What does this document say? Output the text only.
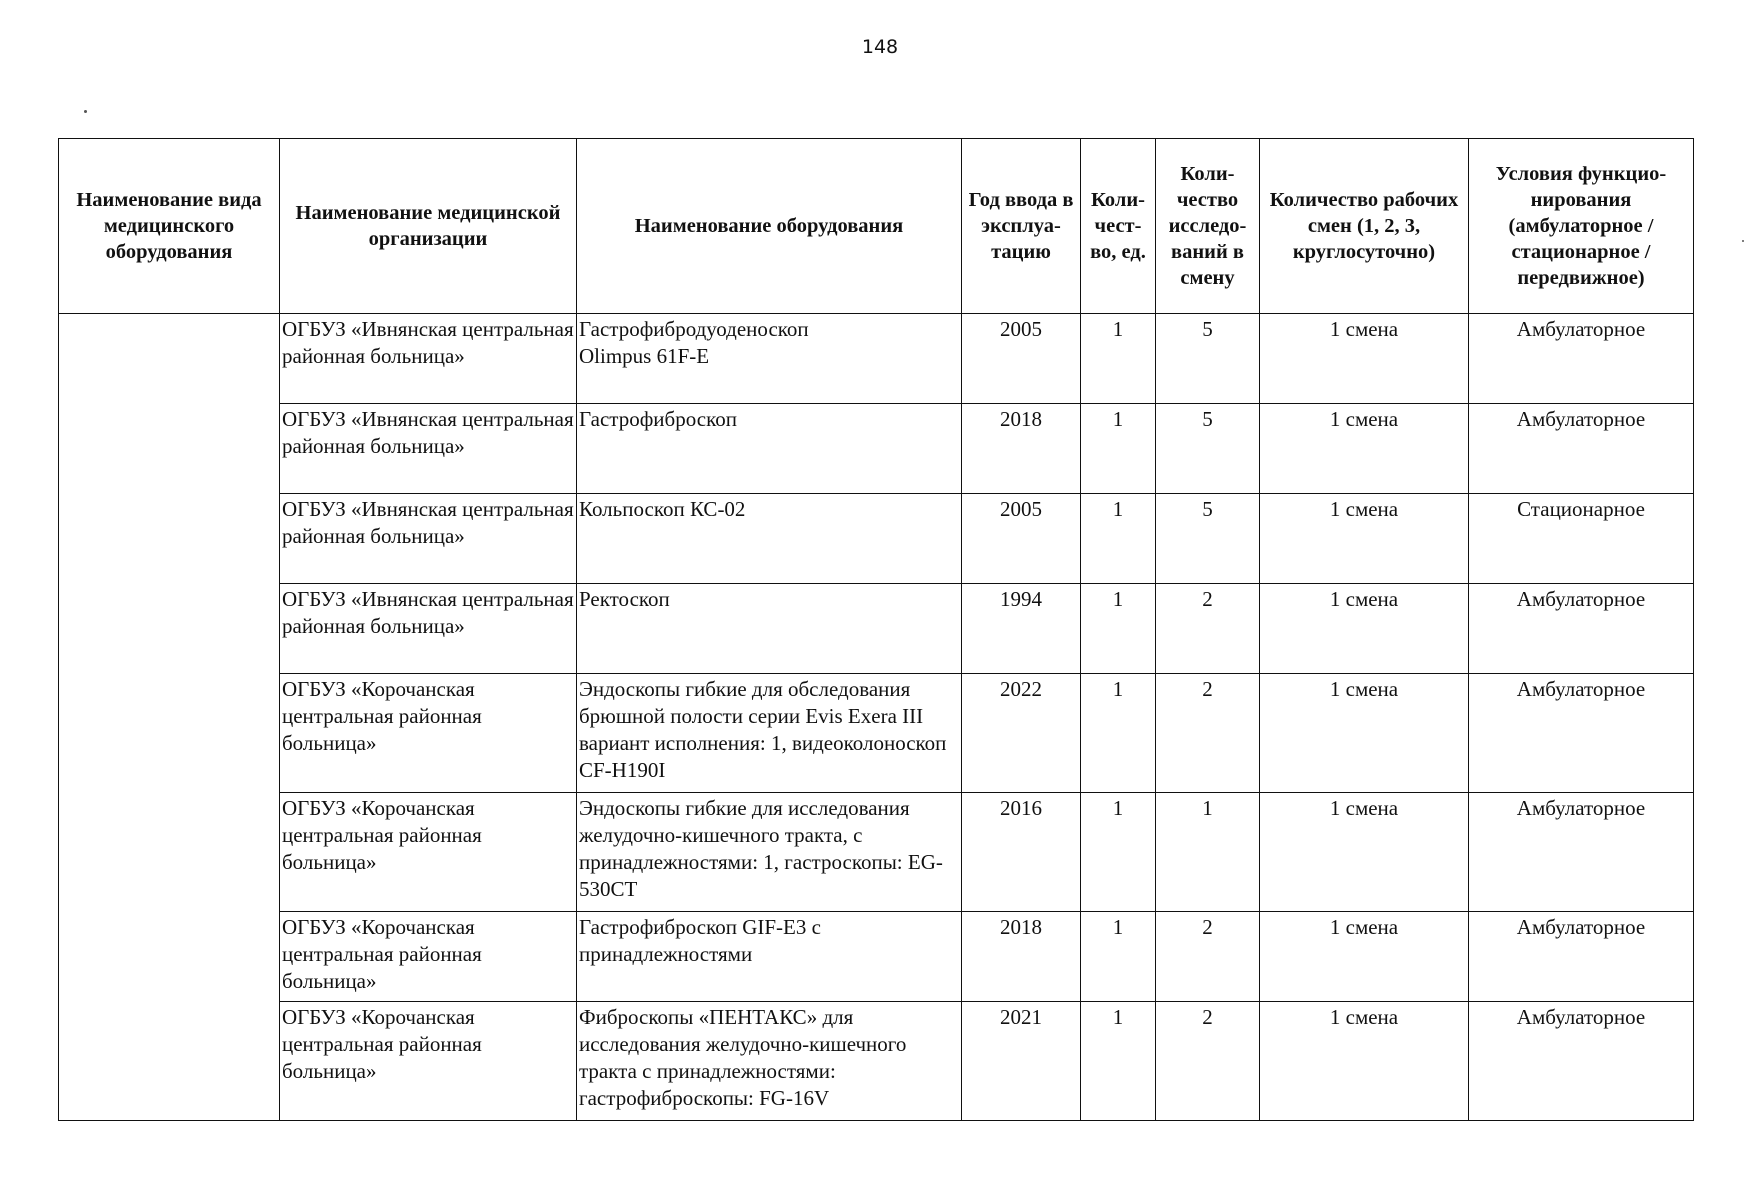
148
Наименование вида медицинского оборудования	Наименование медицинской организации	Наименование оборудования	Год ввода в эксплуа-тацию	Коли-чест-во, ед.	Коли-чество исследо-ваний в смену	Количество рабочих смен (1, 2, 3, круглосуточно)	Условия функцио-нирования (амбулаторное / стационарное / передвижное)
	ОГБУЗ «Ивнянская центральная районная больница»	Гастрофибродуоденоскоп Olimpus 61F-E	2005	1	5	1 смена	Амбулаторное
	ОГБУЗ «Ивнянская центральная районная больница»	Гастрофиброскоп	2018	1	5	1 смена	Амбулаторное
	ОГБУЗ «Ивнянская центральная районная больница»	Кольпоскоп КС-02	2005	1	5	1 смена	Стационарное
	ОГБУЗ «Ивнянская центральная районная больница»	Ректоскоп	1994	1	2	1 смена	Амбулаторное
	ОГБУЗ «Корочанская центральная районная больница»	Эндоскопы гибкие для обследования брюшной полости серии Evis Exera III вариант исполнения: 1, видеоколоноскоп CF-H190I	2022	1	2	1 смена	Амбулаторное
	ОГБУЗ «Корочанская центральная районная больница»	Эндоскопы гибкие для исследования желудочно-кишечного тракта, с принадлежностями: 1, гастроскопы: EG-530CT	2016	1	1	1 смена	Амбулаторное
	ОГБУЗ «Корочанская центральная районная больница»	Гастрофиброскоп GIF-E3 с принадлежностями	2018	1	2	1 смена	Амбулаторное
	ОГБУЗ «Корочанская центральная районная больница»	Фиброскопы «ПЕНТАКС» для исследования желудочно-кишечного тракта с принадлежностями: гастрофиброскопы: FG-16V	2021	1	2	1 смена	Амбулаторное
